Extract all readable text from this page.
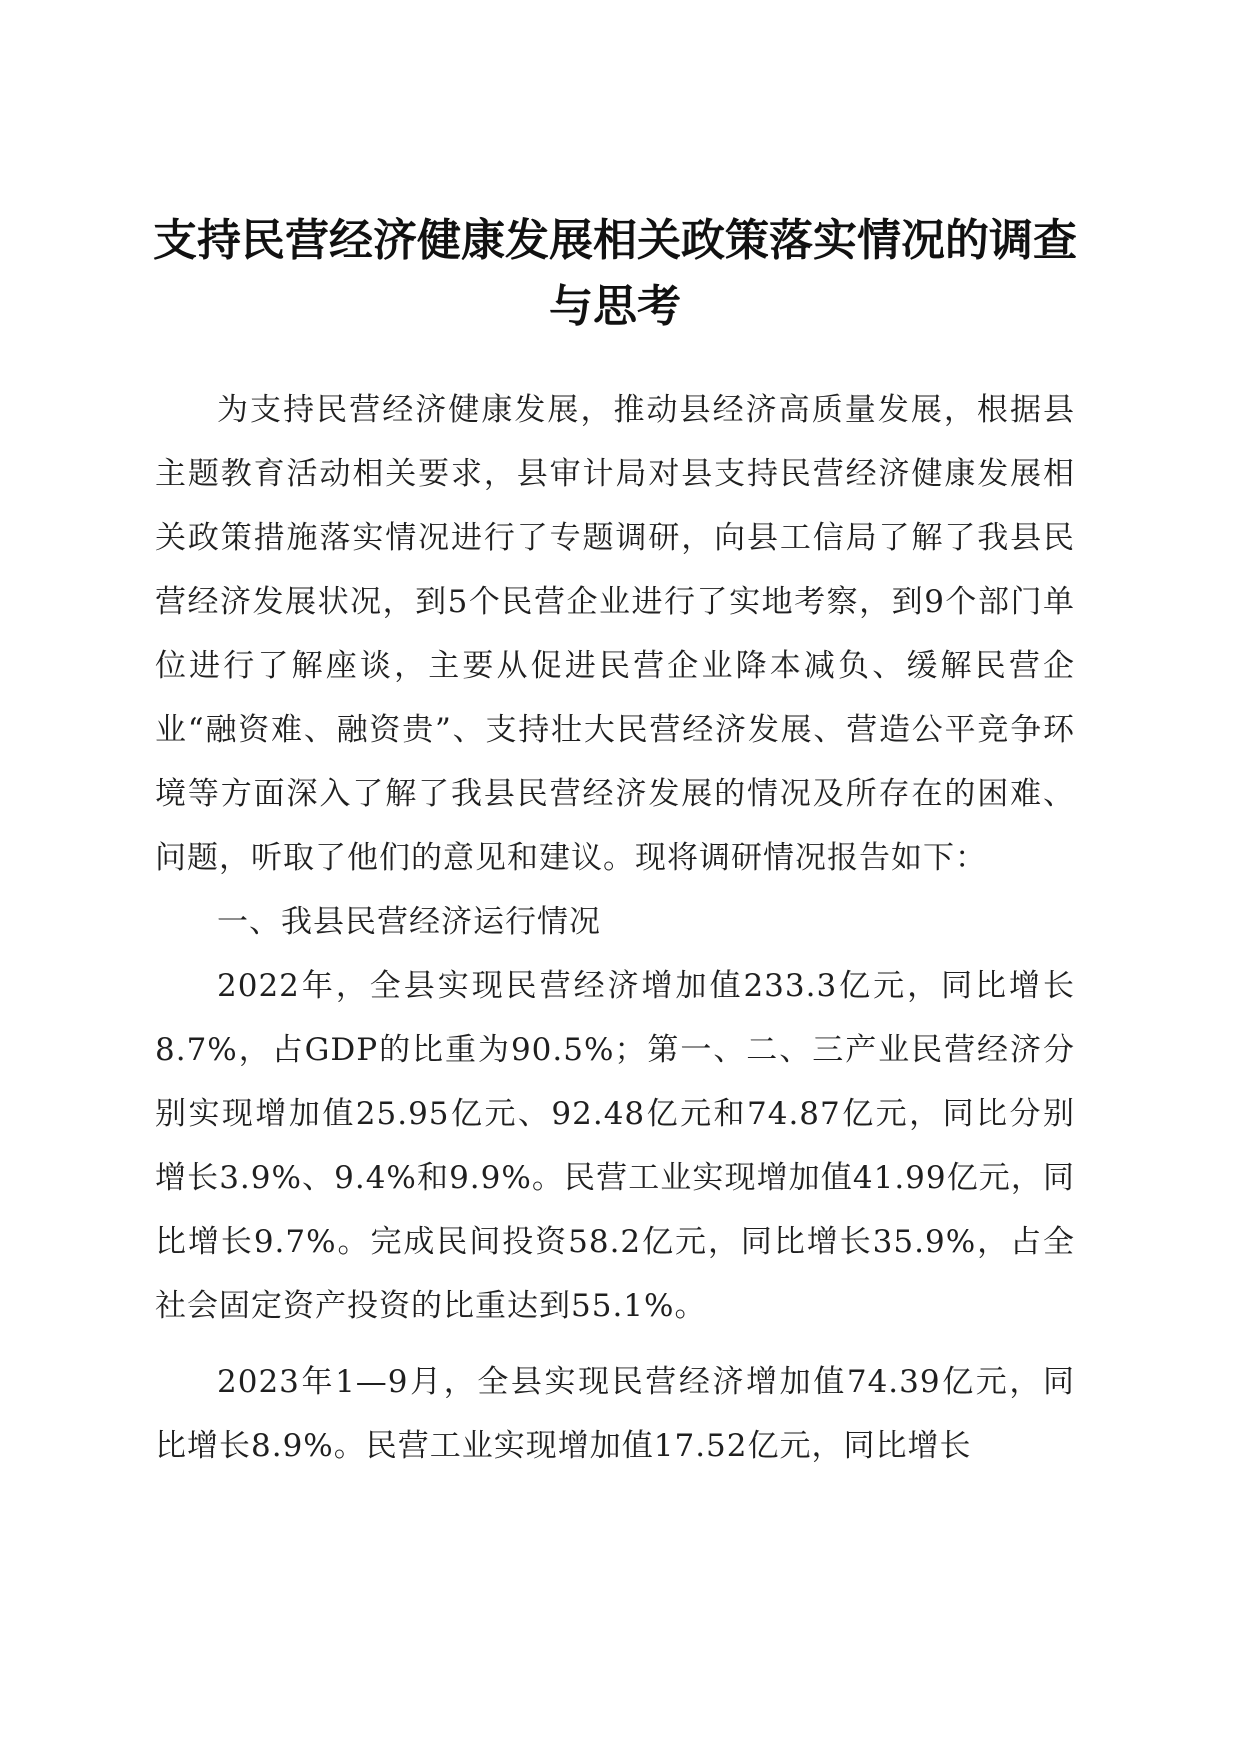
支持民营经济健康发展相关政策落实情况的调查与思考

为支持民营经济健康发展，推动县经济高质量发展，根据县主题教育活动相关要求，县审计局对县支持民营经济健康发展相关政策措施落实情况进行了专题调研，向县工信局了解了我县民营经济发展状况，到5个民营企业进行了实地考察，到9个部门单位进行了解座谈，主要从促进民营企业降本减负、缓解民营企业“融资难、融资贵”、支持壮大民营经济发展、营造公平竞争环境等方面深入了解了我县民营经济发展的情况及所存在的困难、问题，听取了他们的意见和建议。现将调研情况报告如下：

一、我县民营经济运行情况

2022年，全县实现民营经济增加值233.3亿元，同比增长8.7%，占GDP的比重为90.5%；第一、二、三产业民营经济分别实现增加值25.95亿元、92.48亿元和74.87亿元，同比分别增长3.9%、9.4%和9.9%。民营工业实现增加值41.99亿元，同比增长9.7%。完成民间投资58.2亿元，同比增长35.9%，占全社会固定资产投资的比重达到55.1%。

2023年1—9月，全县实现民营经济增加值74.39亿元，同比增长8.9%。民营工业实现增加值17.52亿元，同比增长
